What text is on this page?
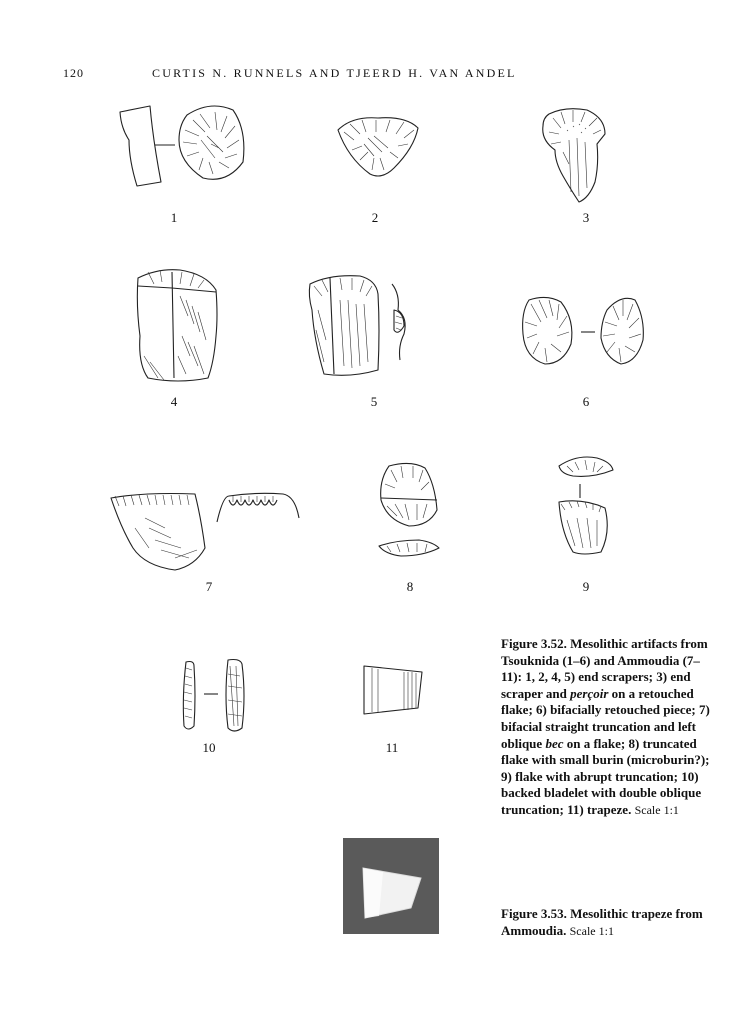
120	CURTIS N. RUNNELS AND TJEERD H. VAN ANDEL
1	2	3
4	5	6
7	8	9
10	11
Figure 3.52. Mesolithic artifacts from Tsouknida (1–6) and Ammoudia (7–11): 1, 2, 4, 5) end scrapers; 3) end scraper and perçoir on a retouched flake; 6) bifacially retouched piece; 7) bifacial straight truncation and left oblique bec on a flake; 8) truncated flake with small burin (microburin?); 9) flake with abrupt truncation; 10) backed bladelet with double oblique truncation; 11) trapeze. Scale 1:1
Figure 3.53. Mesolithic trapeze from Ammoudia. Scale 1:1
